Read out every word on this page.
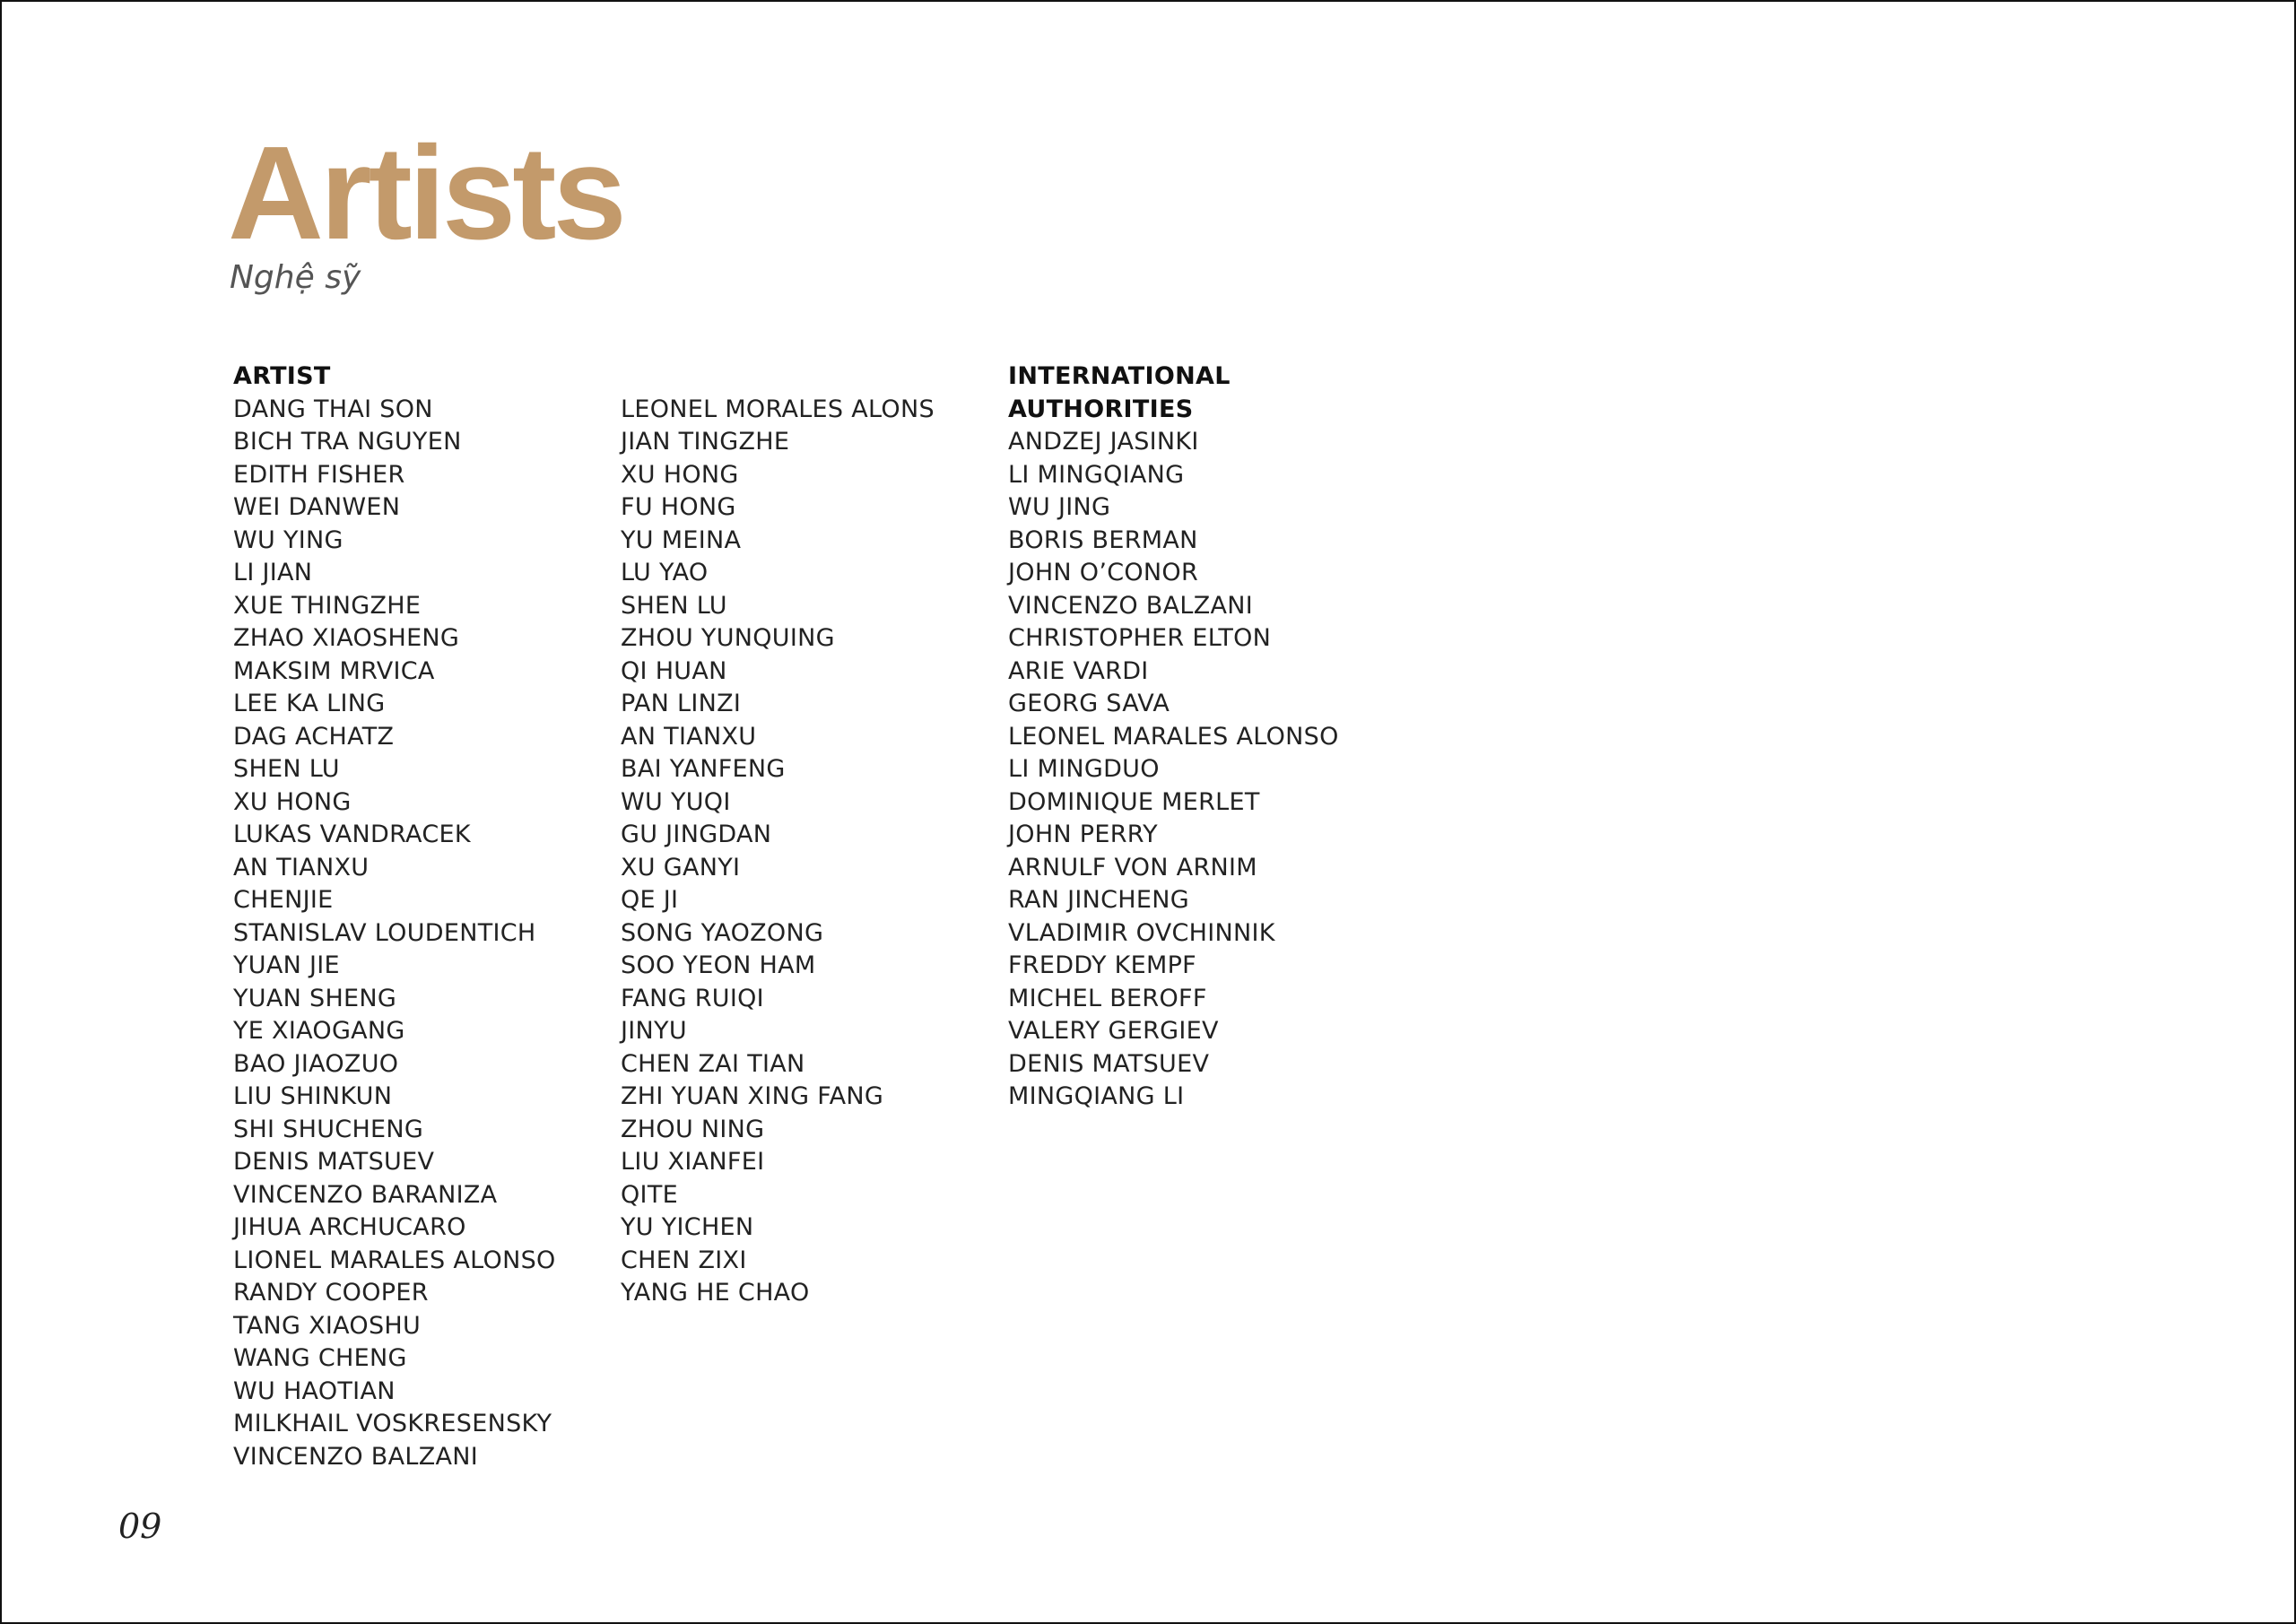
Artists

Nghệ sỹ

ARTIST
DANG THAI SON
BICH TRA NGUYEN
EDITH FISHER
WEI DANWEN
WU YING
LI JIAN
XUE THINGZHE
ZHAO XIAOSHENG
MAKSIM MRVICA
LEE KA LING
DAG ACHATZ
SHEN LU
XU HONG
LUKAS VANDRACEK
AN TIANXU
CHENJIE
STANISLAV LOUDENTICH
YUAN JIE
YUAN SHENG
YE XIAOGANG
BAO JIAOZUO
LIU SHINKUN
SHI SHUCHENG
DENIS MATSUEV
VINCENZO BARANIZA
JIHUA ARCHUCARO
LIONEL MARALES ALONSO
RANDY COOPER
TANG XIAOSHU
WANG CHENG
WU HAOTIAN
MILKHAIL VOSKRESENSKY
VINCENZO BALZANI
LEONEL MORALES ALONS
JIAN TINGZHE
XU HONG
FU HONG
YU MEINA
LU YAO
SHEN LU
ZHOU YUNQUING
QI HUAN
PAN LINZI
AN TIANXU
BAI YANFENG
WU YUQI
GU JINGDAN
XU GANYI
QE JI
SONG YAOZONG
SOO YEON HAM
FANG RUIQI
JINYU
CHEN ZAI TIAN
ZHI YUAN XING FANG
ZHOU NING
LIU XIANFEI
QITE
YU YICHEN
CHEN ZIXI
YANG HE CHAO
INTERNATIONAL
AUTHORITIES
ANDZEJ JASINKI
LI MINGQIANG
WU JING
BORIS BERMAN
JOHN O’CONOR
VINCENZO BALZANI
CHRISTOPHER ELTON
ARIE VARDI
GEORG SAVA
LEONEL MARALES ALONSO
LI MINGDUO
DOMINIQUE MERLET
JOHN PERRY
ARNULF VON ARNIM
RAN JINCHENG
VLADIMIR OVCHINNIK
FREDDY KEMPF
MICHEL BEROFF
VALERY GERGIEV
DENIS MATSUEV
MINGQIANG LI
09
